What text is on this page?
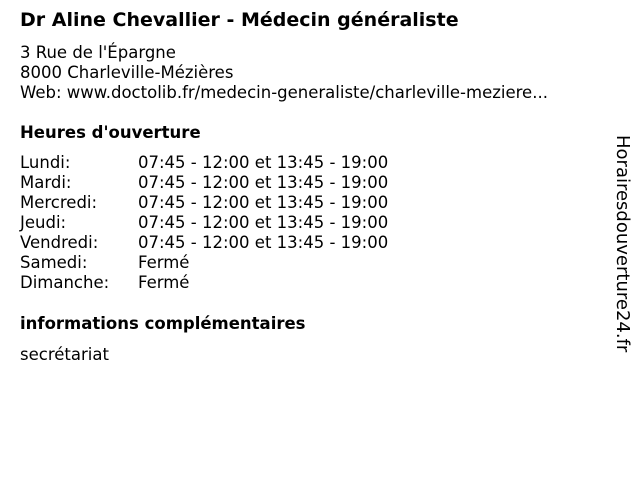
Dr Aline Chevallier - Médecin généraliste
3 Rue de l'Épargne
8000 Charleville-Mézières
Web: www.doctolib.fr/medecin-generaliste/charleville-meziere...
Heures d'ouverture
Lundi:	07:45 - 12:00 et 13:45 - 19:00
Mardi:	07:45 - 12:00 et 13:45 - 19:00
Mercredi: 07:45 - 12:00 et 13:45 - 19:00
Jeudi:	07:45 - 12:00 et 13:45 - 19:00
Vendredi: 07:45 - 12:00 et 13:45 - 19:00
Samedi:	Fermé
Dimanche: Fermé
informations complémentaires
secrétariat
Horairesdouverture24.fr
